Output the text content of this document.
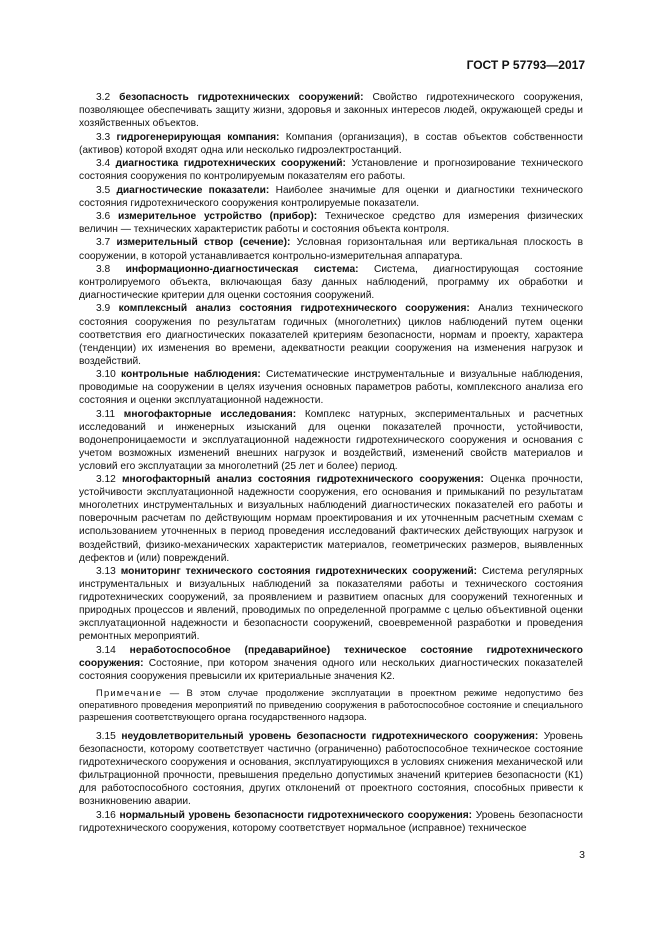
ГОСТ Р 57793—2017

3.2 безопасность гидротехнических сооружений: Свойство гидротехнического сооружения, позволяющее обеспечивать защиту жизни, здоровья и законных интересов людей, окружающей среды и хозяйственных объектов.

3.3 гидрогенерирующая компания: Компания (организация), в состав объектов собственности (активов) которой входят одна или несколько гидроэлектростанций.

3.4 диагностика гидротехнических сооружений: Установление и прогнозирование технического состояния сооружения по контролируемым показателям его работы.

3.5 диагностические показатели: Наиболее значимые для оценки и диагностики технического состояния гидротехнического сооружения контролируемые показатели.

3.6 измерительное устройство (прибор): Техническое средство для измерения физических величин — технических характеристик работы и состояния объекта контроля.

3.7 измерительный створ (сечение): Условная горизонтальная или вертикальная плоскость в сооружении, в которой устанавливается контрольно-измерительная аппаратура.

3.8 информационно-диагностическая система: Система, диагностирующая состояние контролируемого объекта, включающая базу данных наблюдений, программу их обработки и диагностические критерии для оценки состояния сооружений.

3.9 комплексный анализ состояния гидротехнического сооружения: Анализ технического состояния сооружения по результатам годичных (многолетних) циклов наблюдений путем оценки соответствия его диагностических показателей критериям безопасности, нормам и проекту, характера (тенденции) их изменения во времени, адекватности реакции сооружения на изменения нагрузок и воздействий.

3.10 контрольные наблюдения: Систематические инструментальные и визуальные наблюдения, проводимые на сооружении в целях изучения основных параметров работы, комплексного анализа его состояния и оценки эксплуатационной надежности.

3.11 многофакторные исследования: Комплекс натурных, экспериментальных и расчетных исследований и инженерных изысканий для оценки показателей прочности, устойчивости, водонепроницаемости и эксплуатационной надежности гидротехнического сооружения и основания с учетом возможных изменений внешних нагрузок и воздействий, изменений свойств материалов и условий его эксплуатации за многолетний (25 лет и более) период.

3.12 многофакторный анализ состояния гидротехнического сооружения: Оценка прочности, устойчивости эксплуатационной надежности сооружения, его основания и примыканий по результатам многолетних инструментальных и визуальных наблюдений диагностических показателей его работы и поверочным расчетам по действующим нормам проектирования и их уточненным расчетным схемам с использованием уточненных в период проведения исследований фактических действующих нагрузок и воздействий, физико-механических характеристик материалов, геометрических размеров, выявленных дефектов и (или) повреждений.

3.13 мониторинг технического состояния гидротехнических сооружений: Система регулярных инструментальных и визуальных наблюдений за показателями работы и технического состояния гидротехнических сооружений, за проявлением и развитием опасных для сооружений техногенных и природных процессов и явлений, проводимых по определенной программе с целью объективной оценки эксплуатационной надежности и безопасности сооружений, своевременной разработки и проведения ремонтных мероприятий.

3.14 неработоспособное (предаварийное) техническое состояние гидротехнического сооружения: Состояние, при котором значения одного или нескольких диагностических показателей состояния сооружения превысили их критериальные значения К2.

Примечание — В этом случае продолжение эксплуатации в проектном режиме недопустимо без оперативного проведения мероприятий по приведению сооружения в работоспособное состояние и специального разрешения соответствующего органа государственного надзора.

3.15 неудовлетворительный уровень безопасности гидротехнического сооружения: Уровень безопасности, которому соответствует частично (ограниченно) работоспособное техническое состояние гидротехнического сооружения и основания, эксплуатирующихся в условиях снижения механической или фильтрационной прочности, превышения предельно допустимых значений критериев безопасности (К1) для работоспособного состояния, других отклонений от проектного состояния, способных привести к возникновению аварии.

3.16 нормальный уровень безопасности гидротехнического сооружения: Уровень безопасности гидротехнического сооружения, которому соответствует нормальное (исправное) техническое

3
